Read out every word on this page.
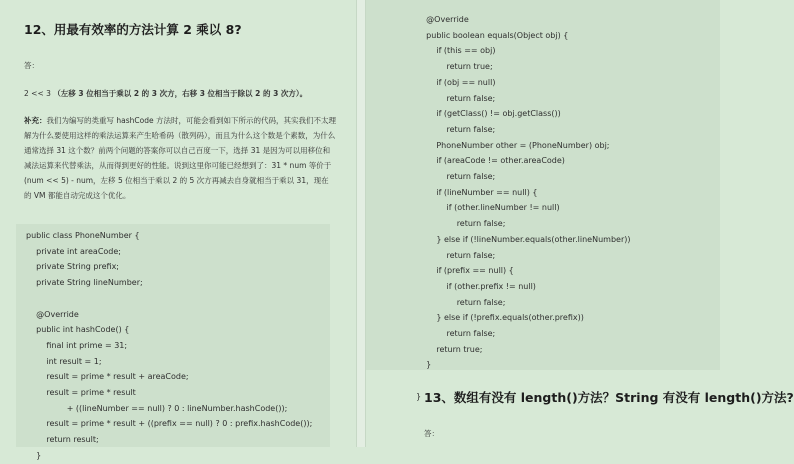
12、用最有效率的方法计算 2 乘以 8?
答：
2 << 3 （左移 3 位相当于乘以 2 的 3 次方，右移 3 位相当于除以 2 的 3 次方）。
补充：我们为编写的类重写 hashCode 方法时，可能会看到如下所示的代码，其实我们不太理解为什么要使用这样的乘法运算来产生哈希码（散列码），而且为什么这个数是个素数，为什么通常选择 31 这个数？前两个问题的答案你可以自己百度一下，选择 31 是因为可以用移位和减法运算来代替乘法，从而得到更好的性能。说到这里你可能已经想到了：31 * num 等价于(num << 5) - num，左移 5 位相当于乘以 2 的 5 次方再减去自身就相当于乘以 31，现在的 VM 都能自动完成这个优化。
public class PhoneNumber {
private int areaCode;
private String prefix;
private String lineNumber;
@Override
public int hashCode() {
final int prime = 31;
int result = 1;
result = prime * result + areaCode;
result = prime * result
+ ((lineNumber == null) ? 0 : lineNumber.hashCode());
result = prime * result + ((prefix == null) ? 0 : prefix.hashCode());
return result;
}
@Override
public boolean equals(Object obj) {
if (this == obj)
return true;
if (obj == null)
return false;
if (getClass() != obj.getClass())
return false;
PhoneNumber other = (PhoneNumber) obj;
if (areaCode != other.areaCode)
return false;
if (lineNumber == null) {
if (other.lineNumber != null)
return false;
} else if (!lineNumber.equals(other.lineNumber))
return false;
if (prefix == null) {
if (other.prefix != null)
return false;
} else if (!prefix.equals(other.prefix))
return false;
return true;
}
} 13、数组有没有 length()方法？String 有没有 length()方法?
答：
